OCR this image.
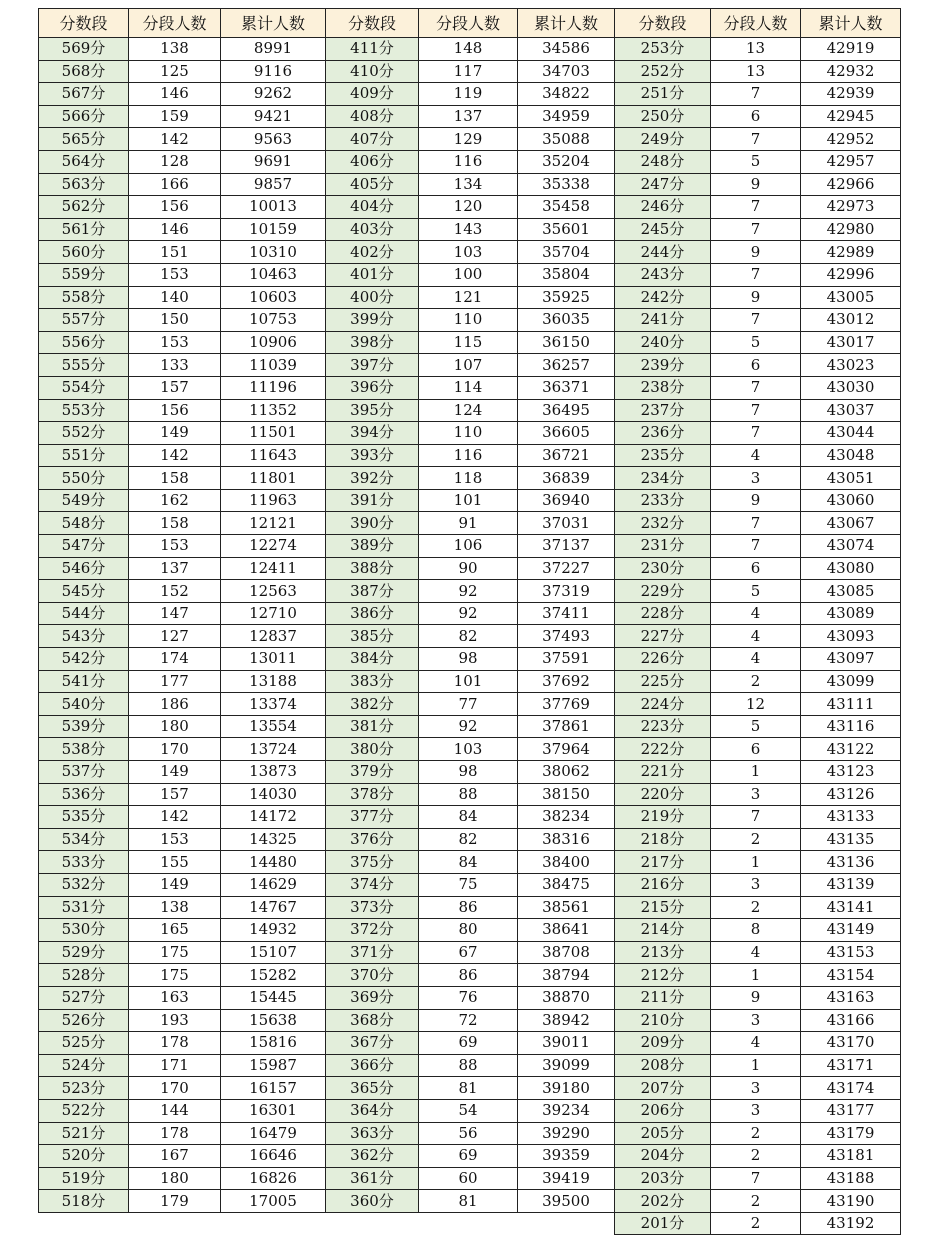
分数段	分段人数	累计人数
569分	138	8991
568分	125	9116
567分	146	9262
566分	159	9421
565分	142	9563
564分	128	9691
563分	166	9857
562分	156	10013
561分	146	10159
560分	151	10310
559分	153	10463
558分	140	10603
557分	150	10753
556分	153	10906
555分	133	11039
554分	157	11196
553分	156	11352
552分	149	11501
551分	142	11643
550分	158	11801
549分	162	11963
548分	158	12121
547分	153	12274
546分	137	12411
545分	152	12563
544分	147	12710
543分	127	12837
542分	174	13011
541分	177	13188
540分	186	13374
539分	180	13554
538分	170	13724
537分	149	13873
536分	157	14030
535分	142	14172
534分	153	14325
533分	155	14480
532分	149	14629
531分	138	14767
530分	165	14932
529分	175	15107
528分	175	15282
527分	163	15445
526分	193	15638
525分	178	15816
524分	171	15987
523分	170	16157
522分	144	16301
521分	178	16479
520分	167	16646
519分	180	16826
518分	179	17005
分数段	分段人数	累计人数
411分	148	34586
410分	117	34703
409分	119	34822
408分	137	34959
407分	129	35088
406分	116	35204
405分	134	35338
404分	120	35458
403分	143	35601
402分	103	35704
401分	100	35804
400分	121	35925
399分	110	36035
398分	115	36150
397分	107	36257
396分	114	36371
395分	124	36495
394分	110	36605
393分	116	36721
392分	118	36839
391分	101	36940
390分	91	37031
389分	106	37137
388分	90	37227
387分	92	37319
386分	92	37411
385分	82	37493
384分	98	37591
383分	101	37692
382分	77	37769
381分	92	37861
380分	103	37964
379分	98	38062
378分	88	38150
377分	84	38234
376分	82	38316
375分	84	38400
374分	75	38475
373分	86	38561
372分	80	38641
371分	67	38708
370分	86	38794
369分	76	38870
368分	72	38942
367分	69	39011
366分	88	39099
365分	81	39180
364分	54	39234
363分	56	39290
362分	69	39359
361分	60	39419
360分	81	39500
分数段	分段人数	累计人数
253分	13	42919
252分	13	42932
251分	7	42939
250分	6	42945
249分	7	42952
248分	5	42957
247分	9	42966
246分	7	42973
245分	7	42980
244分	9	42989
243分	7	42996
242分	9	43005
241分	7	43012
240分	5	43017
239分	6	43023
238分	7	43030
237分	7	43037
236分	7	43044
235分	4	43048
234分	3	43051
233分	9	43060
232分	7	43067
231分	7	43074
230分	6	43080
229分	5	43085
228分	4	43089
227分	4	43093
226分	4	43097
225分	2	43099
224分	12	43111
223分	5	43116
222分	6	43122
221分	1	43123
220分	3	43126
219分	7	43133
218分	2	43135
217分	1	43136
216分	3	43139
215分	2	43141
214分	8	43149
213分	4	43153
212分	1	43154
211分	9	43163
210分	3	43166
209分	4	43170
208分	1	43171
207分	3	43174
206分	3	43177
205分	2	43179
204分	2	43181
203分	7	43188
202分	2	43190
201分	2	43192
